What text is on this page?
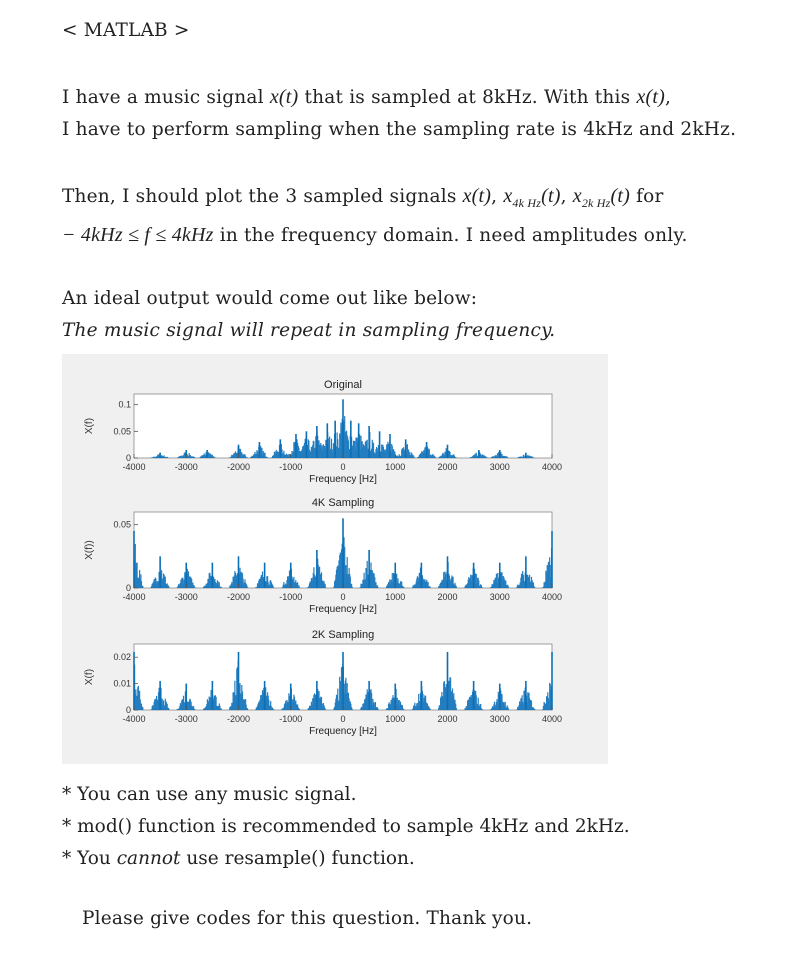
< MATLAB >
I have a music signal x(t) that is sampled at 8kHz. With this x(t),
I have to perform sampling when the sampling rate is 4kHz and 2kHz.
Then, I should plot the 3 sampled signals x(t), $x_{4k Hz}(t)$, $x_{2k Hz}(t)$ for
− 4kHz ≤ f ≤ 4kHz in the frequency domain. I need amplitudes only.
An ideal output would come out like below:
The music signal will repeat in sampling frequency.
Original
0
0.05
0.1
X(f)
-4000	-3000	-2000	-1000	0	1000	2000	3000	4000
Frequency [Hz]
4K Sampling
0
0.05
X(f))
-4000	-3000	-2000	-1000	0	1000	2000	3000	4000
Frequency [Hz]
2K Sampling
0
0.01
0.02
X(f)
-4000	-3000	-2000	-1000	0	1000	2000	3000	4000
Frequency [Hz]
* You can use any music signal.
* mod() function is recommended to sample 4kHz and 2kHz.
* You cannot use resample() function.
Please give codes for this question. Thank you.
